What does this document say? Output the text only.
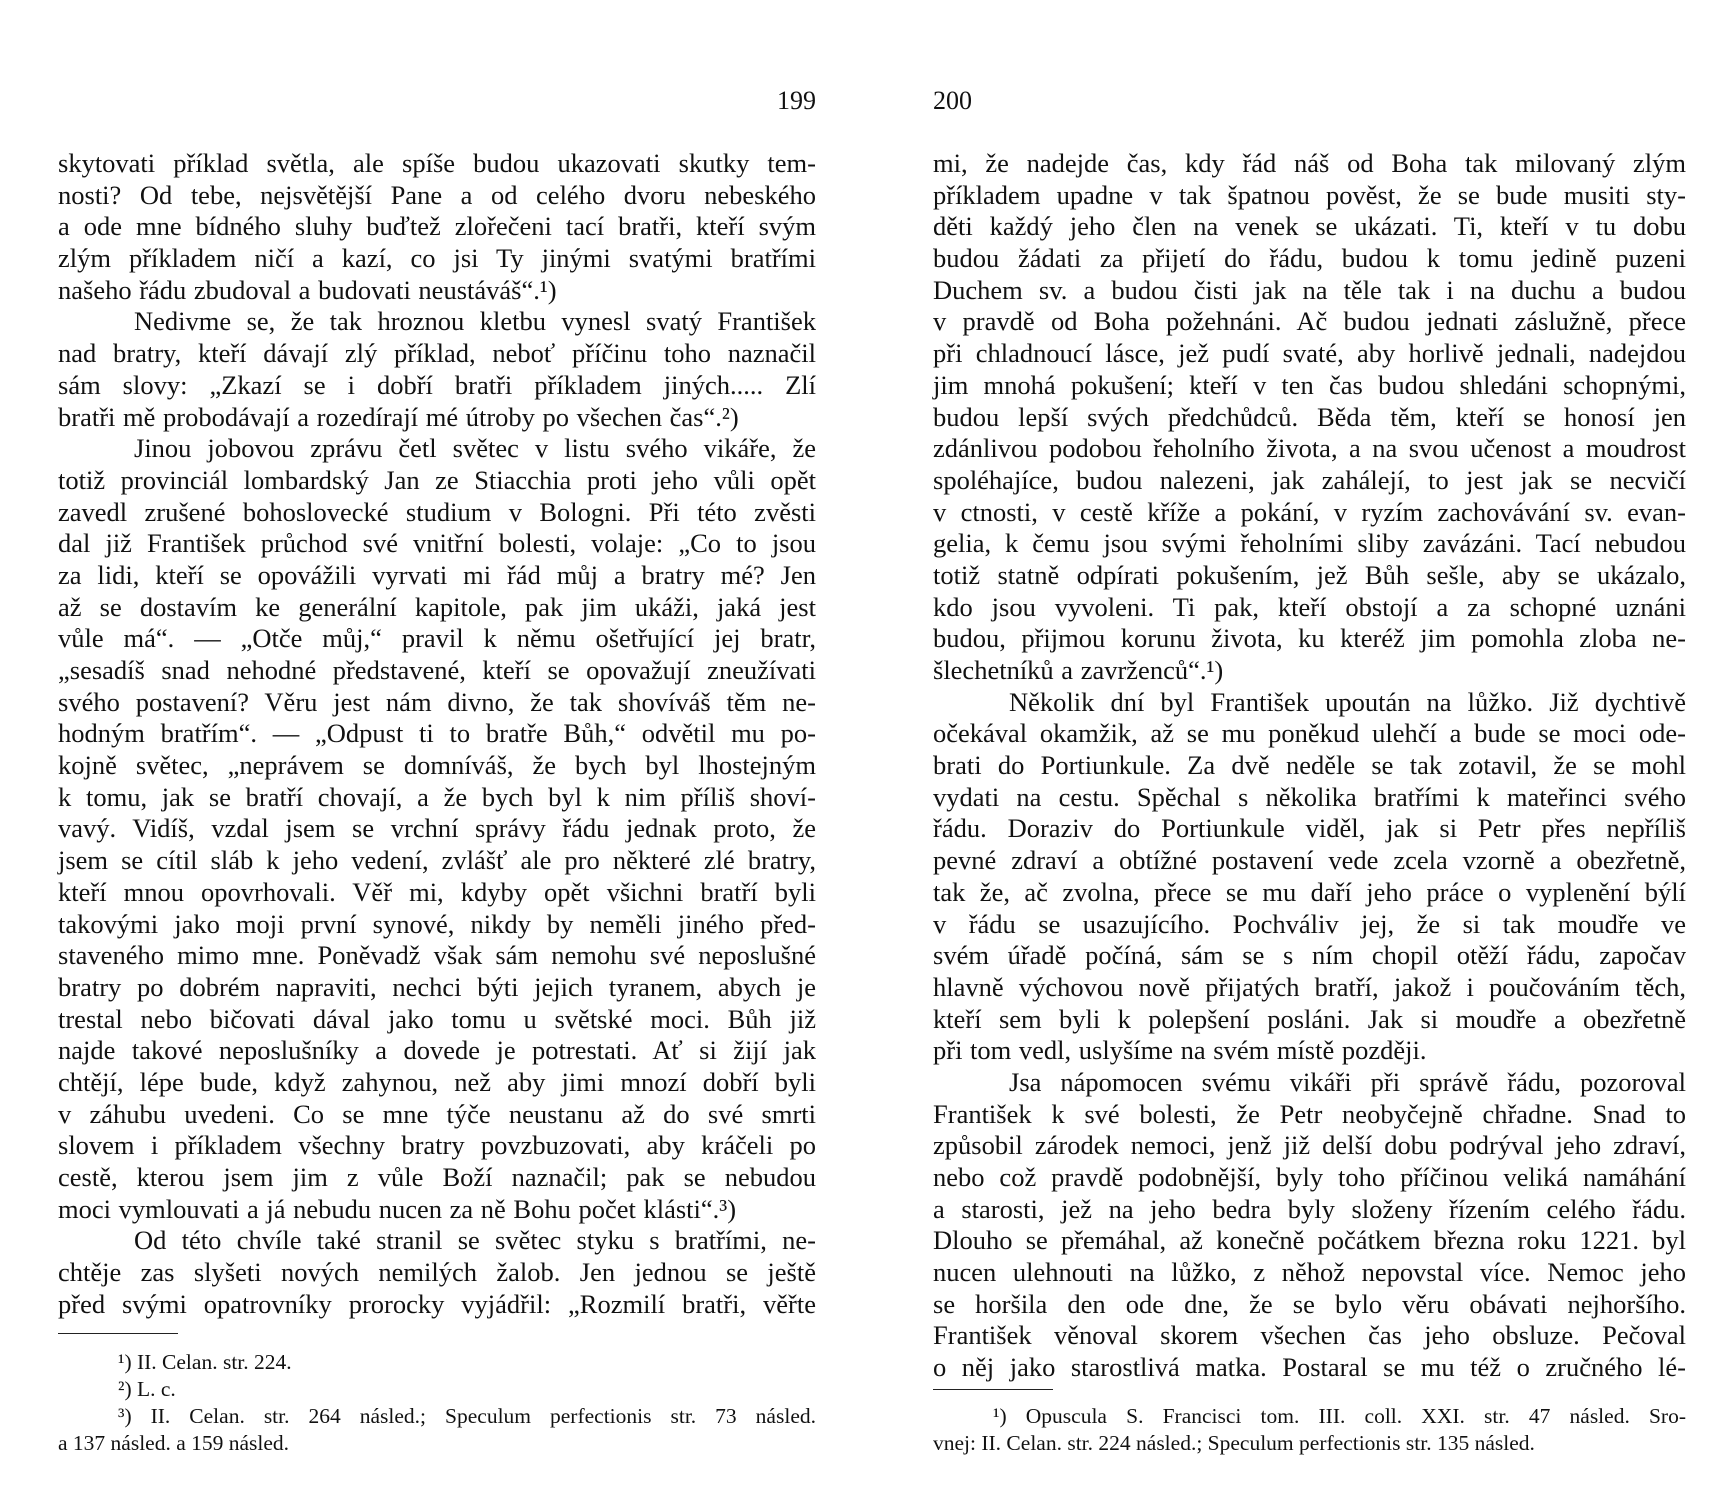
199
skytovati příklad světla, ale spíše budou ukazovati skutky tem-
nosti? Od tebe, nejsvětější Pane a od celého dvoru nebeského
a ode mne bídného sluhy buďtež zlořečeni tací bratři, kteří svým
zlým příkladem ničí a kazí, co jsi Ty jinými svatými bratřími
našeho řádu zbudoval a budovati neustáváš“.¹)
Nedivme se, že tak hroznou kletbu vynesl svatý František
nad bratry, kteří dávají zlý příklad, neboť příčinu toho naznačil
sám slovy: „Zkazí se i dobří bratři příkladem jiných..... Zlí
bratři mě probodávají a rozedírají mé útroby po všechen čas“.²)
Jinou jobovou zprávu četl světec v listu svého vikáře, že
totiž provinciál lombardský Jan ze Stiacchia proti jeho vůli opět
zavedl zrušené bohoslovecké studium v Bologni. Při této zvěsti
dal již František průchod své vnitřní bolesti, volaje: „Co to jsou
za lidi, kteří se opovážili vyrvati mi řád můj a bratry mé? Jen
až se dostavím ke generální kapitole, pak jim ukáži, jaká jest
vůle má“. — „Otče můj,“ pravil k němu ošetřující jej bratr,
„sesadíš snad nehodné představené, kteří se opovažují zneužívati
svého postavení? Věru jest nám divno, že tak shovíváš těm ne-
hodným bratřím“. — „Odpust ti to bratře Bůh,“ odvětil mu po-
kojně světec, „neprávem se domníváš, že bych byl lhostejným
k tomu, jak se bratří chovají, a že bych byl k nim příliš shoví-
vavý. Vidíš, vzdal jsem se vrchní správy řádu jednak proto, že
jsem se cítil sláb k jeho vedení, zvlášť ale pro některé zlé bratry,
kteří mnou opovrhovali. Věř mi, kdyby opět všichni bratří byli
takovými jako moji první synové, nikdy by neměli jiného před-
staveného mimo mne. Poněvadž však sám nemohu své neposlušné
bratry po dobrém napraviti, nechci býti jejich tyranem, abych je
trestal nebo bičovati dával jako tomu u světské moci. Bůh již
najde takové neposlušníky a dovede je potrestati. Ať si žijí jak
chtějí, lépe bude, když zahynou, než aby jimi mnozí dobří byli
v záhubu uvedeni. Co se mne týče neustanu až do své smrti
slovem i příkladem všechny bratry povzbuzovati, aby kráčeli po
cestě, kterou jsem jim z vůle Boží naznačil; pak se nebudou
moci vymlouvati a já nebudu nucen za ně Bohu počet klásti“.³)
Od této chvíle také stranil se světec styku s bratřími, ne-
chtěje zas slyšeti nových nemilých žalob. Jen jednou se ještě
před svými opatrovníky prorocky vyjádřil: „Rozmilí bratři, věřte
¹) II. Celan. str. 224.
²) L. c.
³) II. Celan. str. 264 násled.; Speculum perfectionis str. 73 násled.
a 137 násled. a 159 násled.
200
mi, že nadejde čas, kdy řád náš od Boha tak milovaný zlým
příkladem upadne v tak špatnou pověst, že se bude musiti sty-
děti každý jeho člen na venek se ukázati. Ti, kteří v tu dobu
budou žádati za přijetí do řádu, budou k tomu jedině puzeni
Duchem sv. a budou čisti jak na těle tak i na duchu a budou
v pravdě od Boha požehnáni. Ač budou jednati záslužně, přece
při chladnoucí lásce, jež pudí svaté, aby horlivě jednali, nadejdou
jim mnohá pokušení; kteří v ten čas budou shledáni schopnými,
budou lepší svých předchůdců. Běda těm, kteří se honosí jen
zdánlivou podobou řeholního života, a na svou učenost a moudrost
spoléhajíce, budou nalezeni, jak zahálejí, to jest jak se necvičí
v ctnosti, v cestě kříže a pokání, v ryzím zachovávání sv. evan-
gelia, k čemu jsou svými řeholními sliby zavázáni. Tací nebudou
totiž statně odpírati pokušením, jež Bůh sešle, aby se ukázalo,
kdo jsou vyvoleni. Ti pak, kteří obstojí a za schopné uznáni
budou, přijmou korunu života, ku kteréž jim pomohla zloba ne-
šlechetníků a zavrženců“.¹)
Několik dní byl František upoután na lůžko. Již dychtivě
očekával okamžik, až se mu poněkud ulehčí a bude se moci ode-
brati do Portiunkule. Za dvě neděle se tak zotavil, že se mohl
vydati na cestu. Spěchal s několika bratřími k mateřinci svého
řádu. Doraziv do Portiunkule viděl, jak si Petr přes nepříliš
pevné zdraví a obtížné postavení vede zcela vzorně a obezřetně,
tak že, ač zvolna, přece se mu daří jeho práce o vyplenění býlí
v řádu se usazujícího. Pochváliv jej, že si tak moudře ve
svém úřadě počíná, sám se s ním chopil otěží řádu, započav
hlavně výchovou nově přijatých bratří, jakož i poučováním těch,
kteří sem byli k polepšení posláni. Jak si moudře a obezřetně
při tom vedl, uslyšíme na svém místě později.
Jsa nápomocen svému vikáři při správě řádu, pozoroval
František k své bolesti, že Petr neobyčejně chřadne. Snad to
způsobil zárodek nemoci, jenž již delší dobu podrýval jeho zdraví,
nebo což pravdě podobnější, byly toho příčinou veliká namáhání
a starosti, jež na jeho bedra byly složeny řízením celého řádu.
Dlouho se přemáhal, až konečně počátkem března roku 1221. byl
nucen ulehnouti na lůžko, z něhož nepovstal více. Nemoc jeho
se horšila den ode dne, že se bylo věru obávati nejhoršího.
František věnoval skorem všechen čas jeho obsluze. Pečoval
o něj jako starostlivá matka. Postaral se mu též o zručného lé-
¹) Opuscula S. Francisci tom. III. coll. XXI. str. 47 násled. Sro-
vnej: II. Celan. str. 224 násled.; Speculum perfectionis str. 135 násled.
